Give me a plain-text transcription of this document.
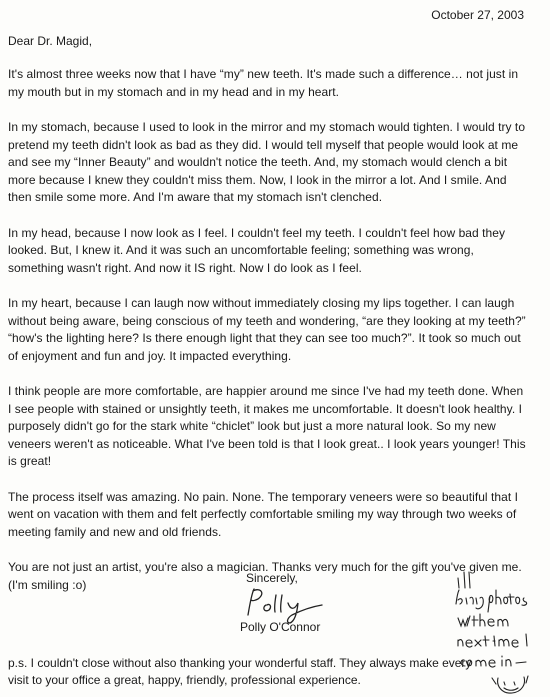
October 27, 2003
Dear Dr. Magid,

It's almost three weeks now that I have “my” new teeth. It's made such a difference… not just in my mouth but in my stomach and in my head and in my heart.

In my stomach, because I used to look in the mirror and my stomach would tighten. I would try to pretend my teeth didn't look as bad as they did. I would tell myself that people would look at me and see my “Inner Beauty” and wouldn't notice the teeth. And, my stomach would clench a bit more because I knew they couldn't miss them. Now, I look in the mirror a lot. And I smile. And then smile some more. And I'm aware that my stomach isn't clenched.

In my head, because I now look as I feel. I couldn't feel my teeth. I couldn't feel how bad they looked. But, I knew it. And it was such an uncomfortable feeling; something was wrong, something wasn't right. And now it IS right. Now I do look as I feel.

In my heart, because I can laugh now without immediately closing my lips together. I can laugh without being aware, being conscious of my teeth and wondering, “are they looking at my teeth?” “how's the lighting here? Is there enough light that they can see too much?”. It took so much out of enjoyment and fun and joy. It impacted everything.

I think people are more comfortable, are happier around me since I've had my teeth done. When I see people with stained or unsightly teeth, it makes me uncomfortable. It doesn't look healthy. I purposely didn't go for the stark white “chiclet” look but just a more natural look. So my new veneers weren't as noticeable. What I've been told is that I look great.. I look years younger! This is great!

The process itself was amazing. No pain. None. The temporary veneers were so beautiful that I went on vacation with them and felt perfectly comfortable smiling my way through two weeks of meeting family and new and old friends.

You are not just an artist, you're also a magician. Thanks very much for the gift you've given me. (I'm smiling :o)	Sincerely,
Polly O'Connor
p.s. I couldn't close without also thanking your wonderful staff. They always make every visit to your office a great, happy, friendly, professional experience.
